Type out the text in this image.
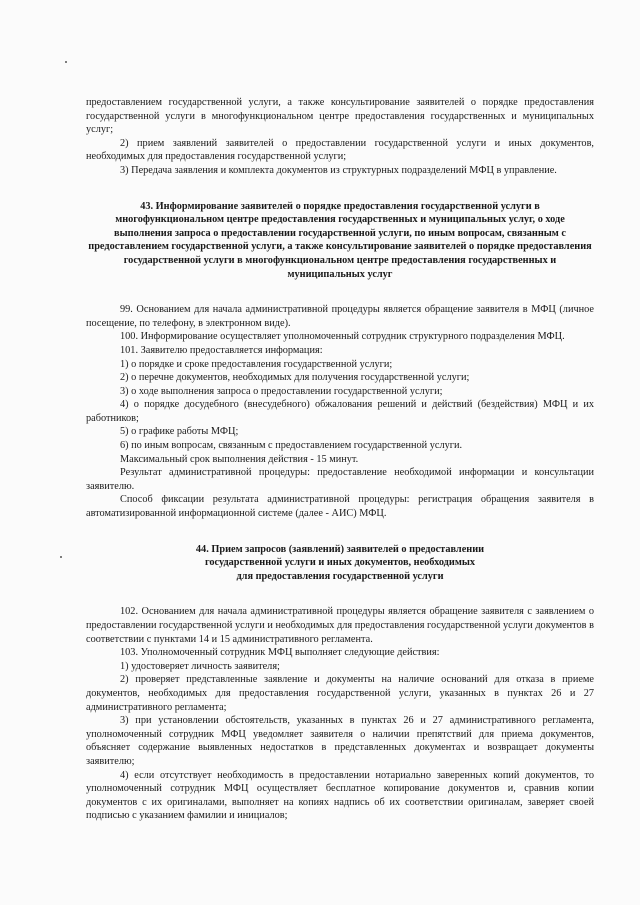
предоставлением государственной услуги, а также консультирование заявителей о порядке предоставления государственной услуги в многофункциональном центре предоставления государственных и муниципальных услуг;

2) прием заявлений заявителей о предоставлении государственной услуги и иных документов, необходимых для предоставления государственной услуги;

3) Передача заявления и комплекта документов из структурных подразделений МФЦ в управление.

43. Информирование заявителей о порядке предоставления государственной услуги в многофункциональном центре предоставления государственных и муниципальных услуг, о ходе выполнения запроса о предоставлении государственной услуги, по иным вопросам, связанным с предоставлением государственной услуги, а также консультирование заявителей о порядке предоставления государственной услуги в многофункциональном центре предоставления государственных и муниципальных услуг

99. Основанием для начала административной процедуры является обращение заявителя в МФЦ (личное посещение, по телефону, в электронном виде).

100. Информирование осуществляет уполномоченный сотрудник структурного подразделения МФЦ.

101. Заявителю предоставляется информация:

1) о порядке и сроке предоставления государственной услуги;

2) о перечне документов, необходимых для получения государственной услуги;

3) о ходе выполнения запроса о предоставлении государственной услуги;

4) о порядке досудебного (внесудебного) обжалования решений и действий (бездействия) МФЦ и их работников;

5) о графике работы МФЦ;

6) по иным вопросам, связанным с предоставлением государственной услуги.

Максимальный срок выполнения действия - 15 минут.

Результат административной процедуры: предоставление необходимой информации и консультации заявителю.

Способ фиксации результата административной процедуры: регистрация обращения заявителя в автоматизированной информационной системе (далее - АИС) МФЦ.

44. Прием запросов (заявлений) заявителей о предоставлении

государственной услуги и иных документов, необходимых

для предоставления государственной услуги

102. Основанием для начала административной процедуры является обращение заявителя с заявлением о предоставлении государственной услуги и необходимых для предоставления государственной услуги документов в соответствии с пунктами 14 и 15 административного регламента.

103. Уполномоченный сотрудник МФЦ выполняет следующие действия:

1) удостоверяет личность заявителя;

2) проверяет представленные заявление и документы на наличие оснований для отказа в приеме документов, необходимых для предоставления государственной услуги, указанных в пунктах 26 и 27 административного регламента;

3) при установлении обстоятельств, указанных в пунктах 26 и 27 административного регламента, уполномоченный сотрудник МФЦ уведомляет заявителя о наличии препятствий для приема документов, объясняет содержание выявленных недостатков в представленных документах и возвращает документы заявителю;

4) если отсутствует необходимость в предоставлении нотариально заверенных копий документов, то уполномоченный сотрудник МФЦ осуществляет бесплатное копирование документов и, сравнив копии документов с их оригиналами, выполняет на копиях надпись об их соответствии оригиналам, заверяет своей подписью с указанием фамилии и инициалов;
